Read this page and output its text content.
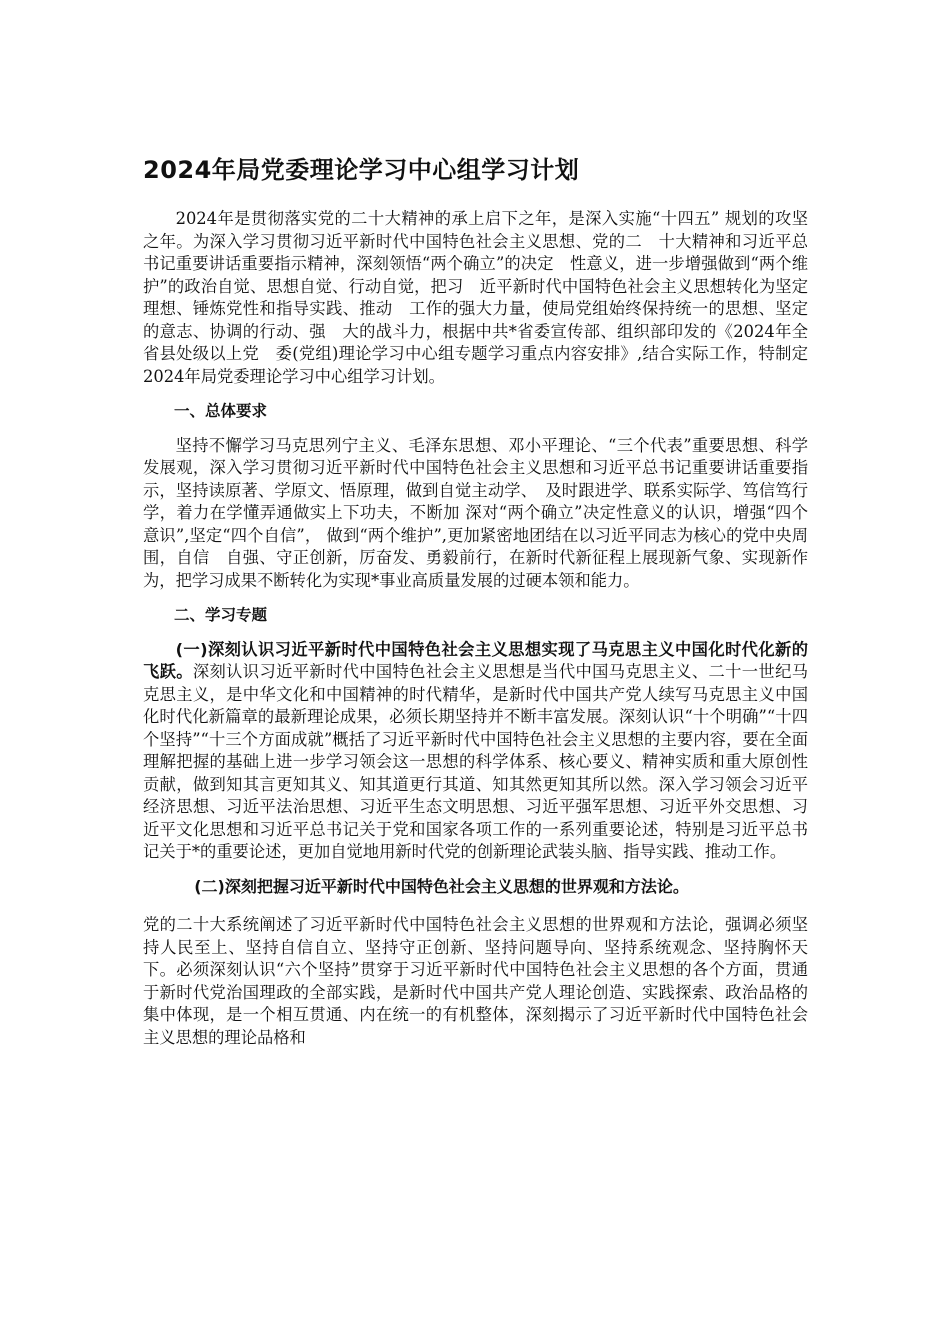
2024年局党委理论学习中心组学习计划

2024年是贯彻落实党的二十大精神的承上启下之年，是深入实施“十四五” 规划的攻坚之年。为深入学习贯彻习近平新时代中国特色社会主义思想、党的二　十大精神和习近平总书记重要讲话重要指示精神，深刻领悟“两个确立”的决定　性意义，进一步增强做到“两个维护”的政治自觉、思想自觉、行动自觉，把习　近平新时代中国特色社会主义思想转化为坚定理想、锤炼党性和指导实践、推动　工作的强大力量，使局党组始终保持统一的思想、坚定的意志、协调的行动、强　大的战斗力，根据中共*省委宣传部、组织部印发的《2024年全省县处级以上党　委(党组)理论学习中心组专题学习重点内容安排》,结合实际工作，特制定　2024年局党委理论学习中心组学习计划。

一、总体要求

坚持不懈学习马克思列宁主义、毛泽东思想、邓小平理论、“三个代表”重要思想、科学发展观，深入学习贯彻习近平新时代中国特色社会主义思想和习近平总书记重要讲话重要指示，坚持读原著、学原文、悟原理，做到自觉主动学、　及时跟进学、联系实际学、笃信笃行学，着力在学懂弄通做实上下功夫，不断加 深对“两个确立”决定性意义的认识，增强“四个意识”,坚定“四个自信”， 做到“两个维护”,更加紧密地团结在以习近平同志为核心的党中央周围，自信　自强、守正创新，厉奋发、勇毅前行，在新时代新征程上展现新气象、实现新作　为，把学习成果不断转化为实现*事业高质量发展的过硬本领和能力。

二、学习专题

(一)深刻认识习近平新时代中国特色社会主义思想实现了马克思主义中国化时代化新的飞跃。深刻认识习近平新时代中国特色社会主义思想是当代中国马克思主义、二十一世纪马克思主义，是中华文化和中国精神的时代精华，是新时代中国共产党人续写马克思主义中国化时代化新篇章的最新理论成果，必须长期坚持并不断丰富发展。深刻认识“十个明确”“十四个坚持”“十三个方面成就”概括了习近平新时代中国特色社会主义思想的主要内容，要在全面理解把握的基础上进一步学习领会这一思想的科学体系、核心要义、精神实质和重大原创性贡献，做到知其言更知其义、知其道更行其道、知其然更知其所以然。深入学习领会习近平经济思想、习近平法治思想、习近平生态文明思想、习近平强军思想、习近平外交思想、习近平文化思想和习近平总书记关于党和国家各项工作的一系列重要论述，特别是习近平总书记关于*的重要论述，更加自觉地用新时代党的创新理论武装头脑、指导实践、推动工作。

(二)深刻把握习近平新时代中国特色社会主义思想的世界观和方法论。

党的二十大系统阐述了习近平新时代中国特色社会主义思想的世界观和方法论，强调必须坚持人民至上、坚持自信自立、坚持守正创新、坚持问题导向、坚持系统观念、坚持胸怀天下。必须深刻认识“六个坚持”贯穿于习近平新时代中国特色社会主义思想的各个方面，贯通于新时代党治国理政的全部实践，是新时代中国共产党人理论创造、实践探索、政治品格的集中体现，是一个相互贯通、内在统一的有机整体，深刻揭示了习近平新时代中国特色社会主义思想的理论品格和
